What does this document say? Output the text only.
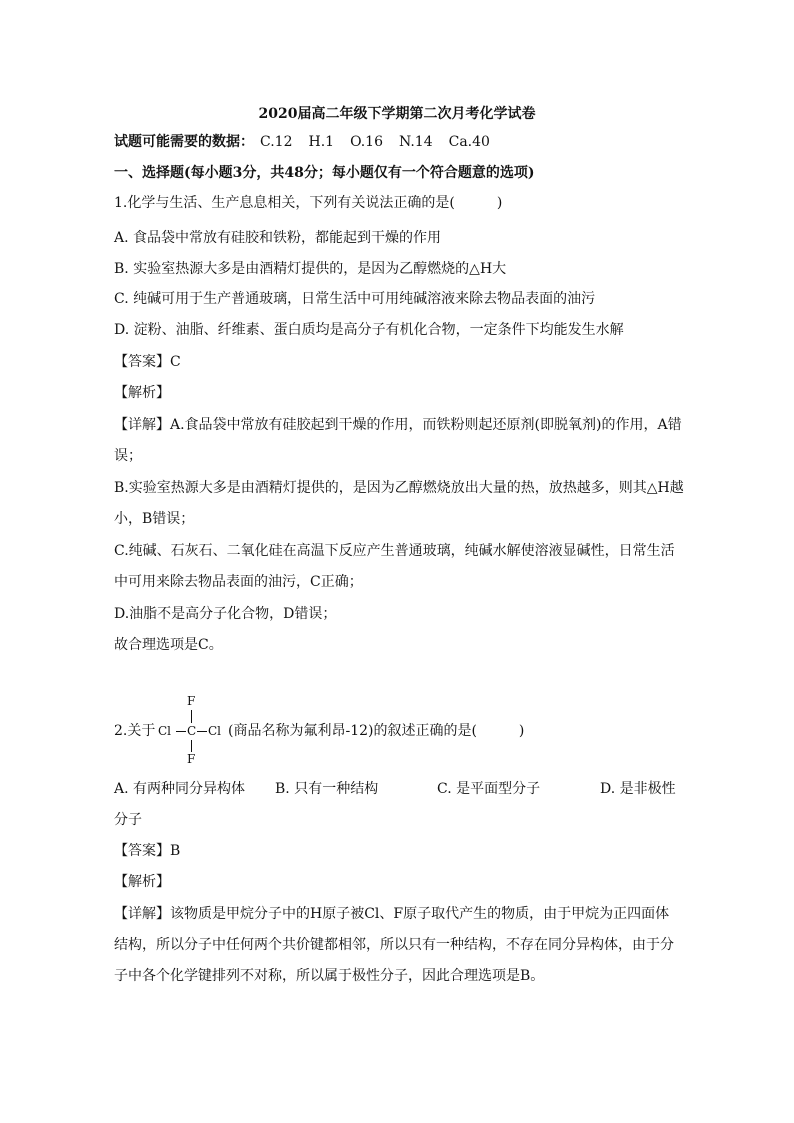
2020届高二年级下学期第二次月考化学试卷
试题可能需要的数据： C.12 H.1 O.16 N.14 Ca.40
一、选择题(每小题3分，共48分；每小题仅有一个符合题意的选项)
1.化学与生活、生产息息相关，下列有关说法正确的是(　　　)
A. 食品袋中常放有硅胶和铁粉，都能起到干燥的作用
B. 实验室热源大多是由酒精灯提供的，是因为乙醇燃烧的△H大
C. 纯碱可用于生产普通玻璃，日常生活中可用纯碱溶液来除去物品表面的油污
D. 淀粉、油脂、纤维素、蛋白质均是高分子有机化合物，一定条件下均能发生水解
【答案】C
【解析】
【详解】A.食品袋中常放有硅胶起到干燥的作用，而铁粉则起还原剂(即脱氧剂)的作用，A错
误；
B.实验室热源大多是由酒精灯提供的，是因为乙醇燃烧放出大量的热，放热越多，则其△H越
小，B错误；
C.纯碱、石灰石、二氧化硅在高温下反应产生普通玻璃，纯碱水解使溶液显碱性，日常生活
中可用来除去物品表面的油污，C正确；
D.油脂不是高分子化合物，D错误；
故合理选项是C。
2.关于
F
Cl C Cl
F
(商品名称为氟利昂-12)的叙述正确的是(　　　)
A. 有两种同分异构体 B. 只有一种结构	C. 是平面型分子	D. 是非极性
分子
【答案】B
【解析】
【详解】该物质是甲烷分子中的H原子被Cl、F原子取代产生的物质，由于甲烷为正四面体
结构，所以分子中任何两个共价键都相邻，所以只有一种结构，不存在同分异构体，由于分
子中各个化学键排列不对称，所以属于极性分子，因此合理选项是B。
